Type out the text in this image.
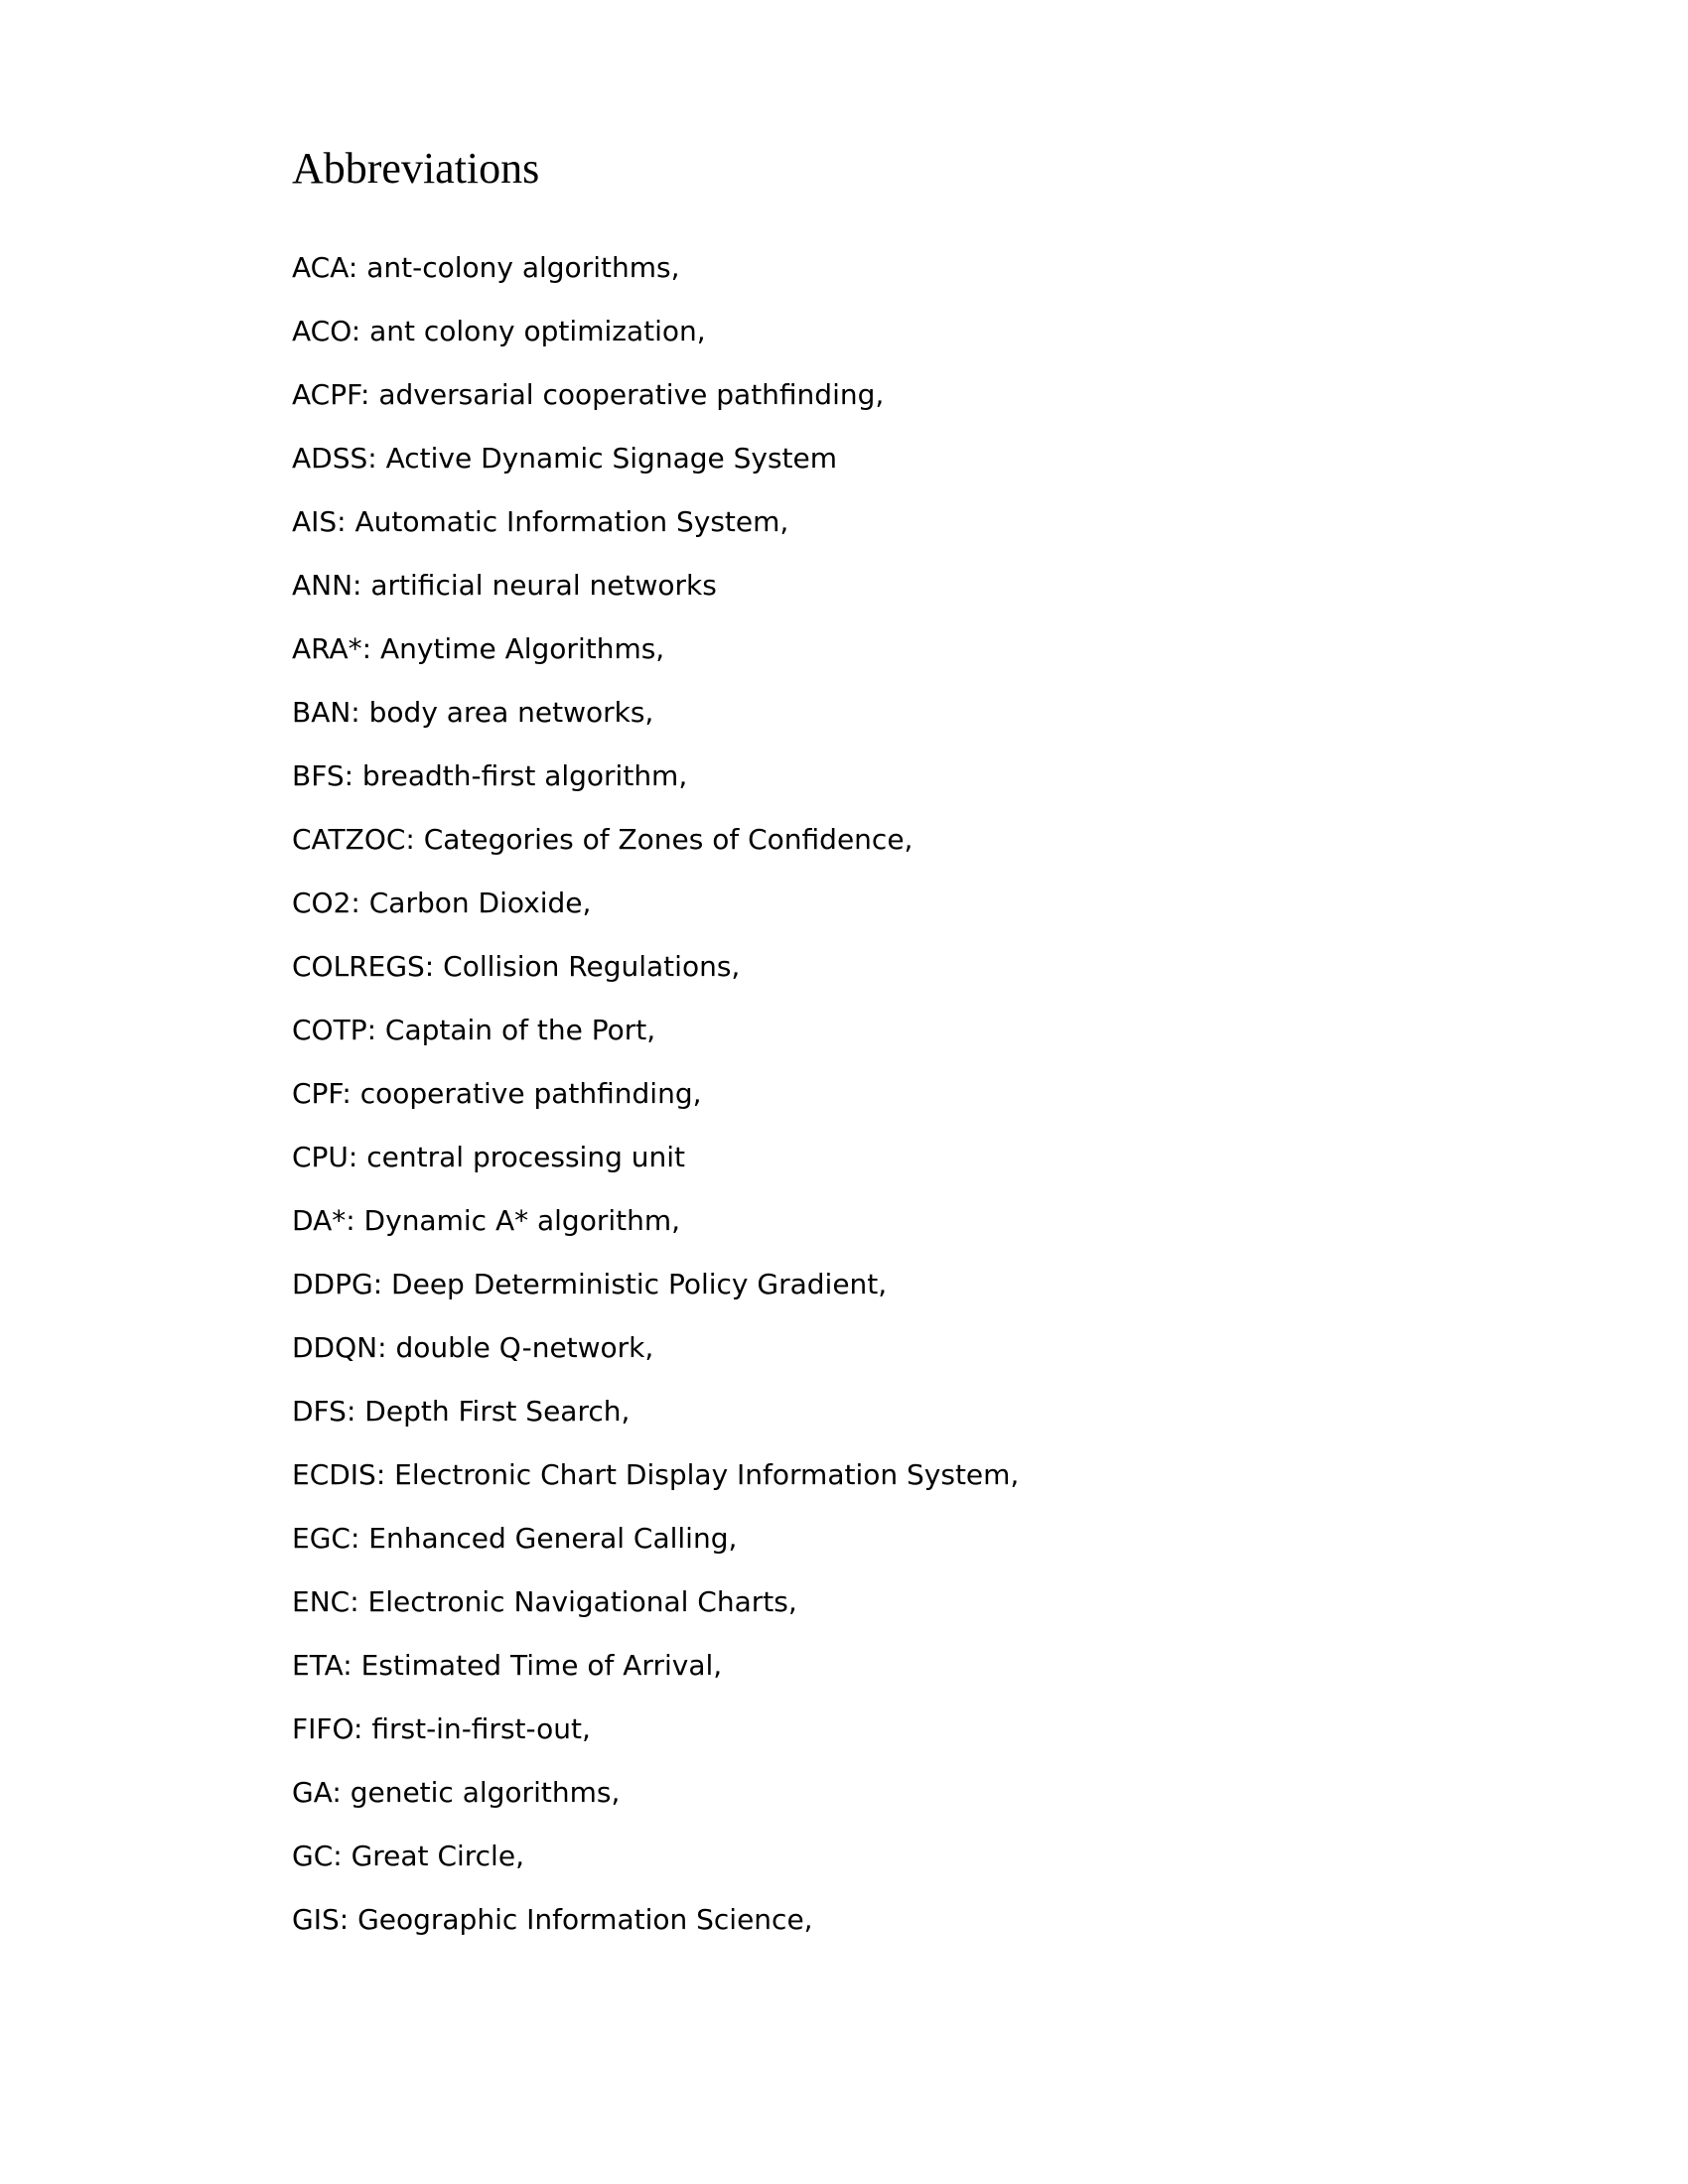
Abbreviations
ACA: ant-colony algorithms,
ACO: ant colony optimization,
ACPF: adversarial cooperative pathfinding,
ADSS: Active Dynamic Signage System
AIS: Automatic Information System,
ANN: artificial neural networks
ARA*: Anytime Algorithms,
BAN: body area networks,
BFS: breadth-first algorithm,
CATZOC: Categories of Zones of Confidence,
CO2: Carbon Dioxide,
COLREGS: Collision Regulations,
COTP: Captain of the Port,
CPF: cooperative pathfinding,
CPU: central processing unit
DA*: Dynamic A* algorithm,
DDPG: Deep Deterministic Policy Gradient,
DDQN: double Q-network,
DFS: Depth First Search,
ECDIS: Electronic Chart Display Information System,
EGC: Enhanced General Calling,
ENC: Electronic Navigational Charts,
ETA: Estimated Time of Arrival,
FIFO: first-in-first-out,
GA: genetic algorithms,
GC: Great Circle,
GIS: Geographic Information Science,
